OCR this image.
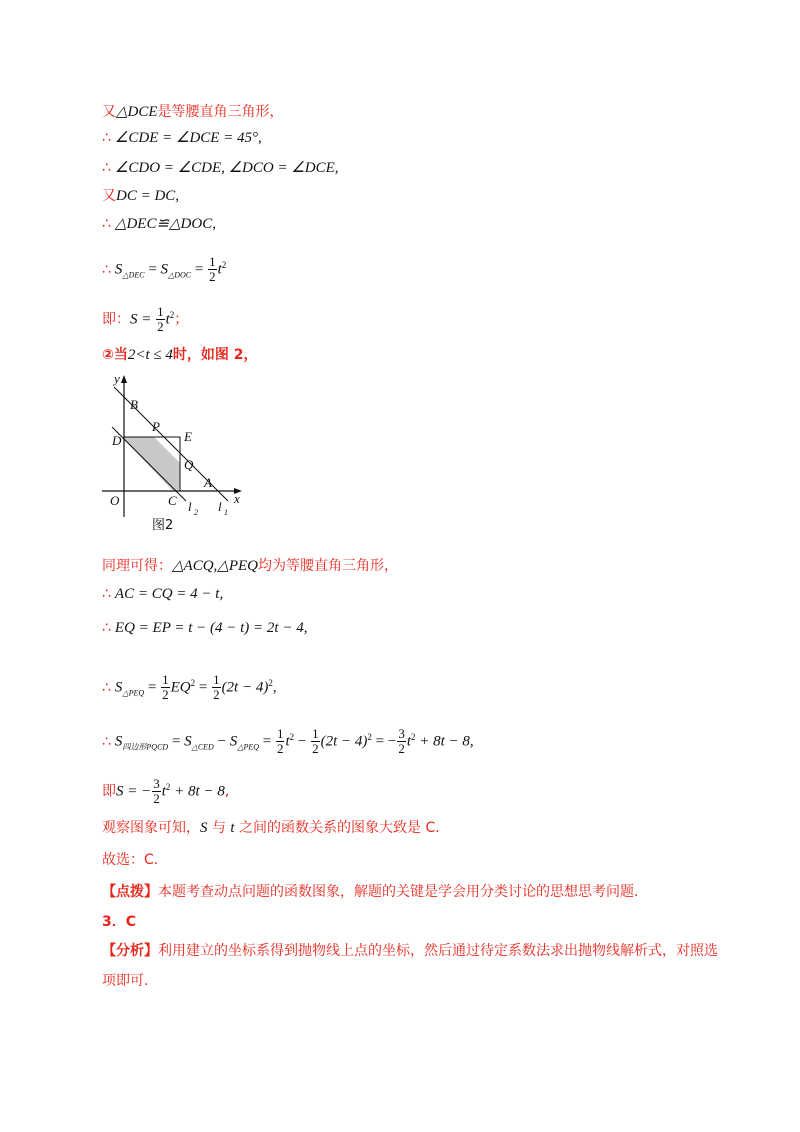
又△DCE是等腰直角三角形，
∴ ∠CDE = ∠DCE = 45°,
∴ ∠CDO = ∠CDE, ∠DCO = ∠DCE,
又DC = DC,
∴ △DEC≌△DOC,
∴ $S_{\triangle DEC} = S_{\triangle DOC} = \frac{1}{2} t^2$
即：$S = \frac{1}{2} t^2$；
②当2<t ≤ 4时，如图 2，
y
x
O
B
D
P
E
Q
A
C l 2 l 1
图2
同理可得：△ACQ,△PEQ均为等腰直角三角形，
∴ AC = CQ = 4 − t,
∴ EQ = EP = t − (4 − t) = 2t − 4,
∴ $S_{\triangle PEQ} = \frac{1}{2} EQ^2 = \frac{1}{2} (2t - 4)^2$,
∴ $S_{四边形PQCD} = S_{\triangle CED} - S_{\triangle PEQ} = \frac{1}{2} t^2 - \frac{1}{2} (2t - 4)^2$ = − $\frac{3}{2} t^2 + 8t - 8$,
即S = − $\frac{3}{2} t^2 + 8t - 8$,
观察图象可知，S 与 t 之间的函数关系的图象大致是 C.
故选：C.
【点拨】本题考查动点问题的函数图象，解题的关键是学会用分类讨论的思想思考问题.
3．C
【分析】利用建立的坐标系得到抛物线上点的坐标，然后通过待定系数法求出抛物线解析式，对照选项即可.
